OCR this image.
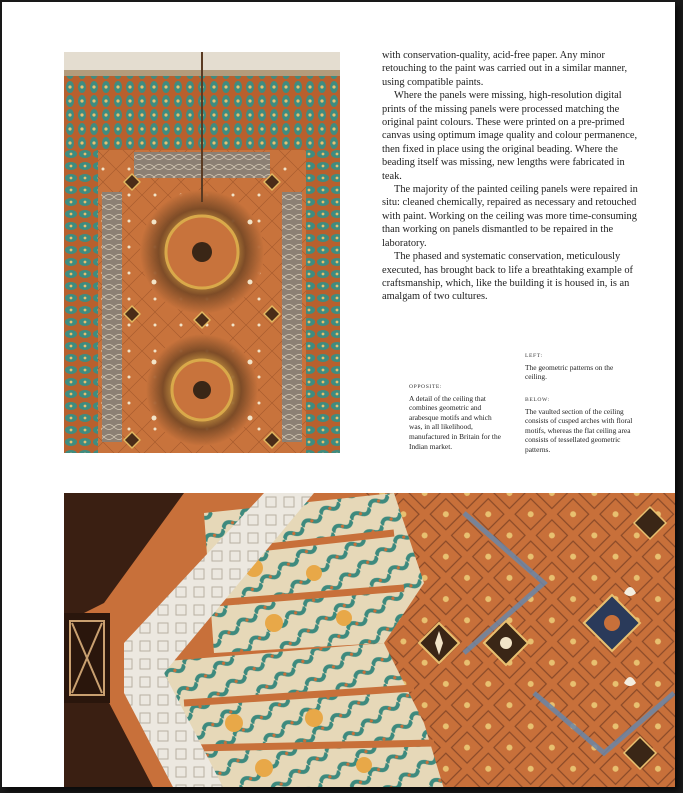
with conservation-quality, acid-free paper. Any minor retouching to the paint was carried out in a similar manner, using compatible paints.

Where the panels were missing, high-resolution digital prints of the missing panels were processed matching the original paint colours. These were printed on a pre-primed canvas using optimum image quality and colour permanence, then fixed in place using the original beading. Where the beading itself was missing, new lengths were fabricated in teak.

The majority of the painted ceiling panels were repaired in situ: cleaned chemically, repaired as necessary and retouched with paint. Working on the ceiling was more time-consuming than working on panels dismantled to be repaired in the laboratory.

The phased and systematic conservation, meticulously executed, has brought back to life a breathtaking example of craftsmanship, which, like the building it is housed in, is an amalgam of two cultures.

LEFT:
The geometric patterns on the ceiling.
OPPOSITE:
A detail of the ceiling that combines geometric and arabesque motifs and which was, in all likelihood, manufactured in Britain for the Indian market.
BELOW:
The vaulted section of the ceiling consists of cusped arches with floral motifs, whereas the flat ceiling area consists of tessellated geometric patterns.
